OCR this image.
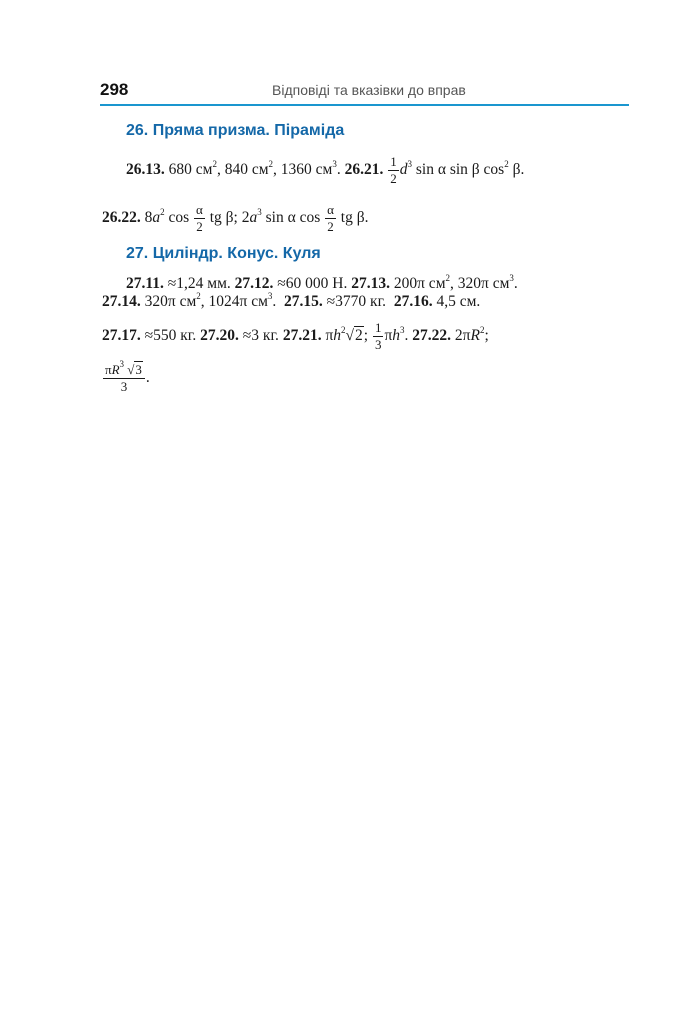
298	Відповіді та вказівки до вправ
26. Пряма призма. Піраміда
26.13. 680 $см^2$, 840 $см^2$, 1360 $см^3$. 26.21. $\frac{1}{2} d^3$ sin α sin β $\cos^2 \beta$.
26.22. $8a^2$ $\cos \frac{\alpha}{2}$ tg β; $2a^3$ sin α $\cos \frac{\alpha}{2}$ tg β.
27. Циліндр. Конус. Куля
27.11. ≈1,24 мм. 27.12. ≈60 000 Н. 27.13. 200π $см^2$, 320π $см^3$.
27.14. 320π $см^2$, 1024π $см^3$.  27.15. ≈3770 кг. 27.16. 4,5 см.
27.17. ≈550 кг. 27.20. ≈3 кг. 27.21. $\pi h^2√2$; $\frac{1}{3} \pi h^3$. 27.22. $2\pi R^2$;
$\frac{\pi R^3 √3}{3}$ .
